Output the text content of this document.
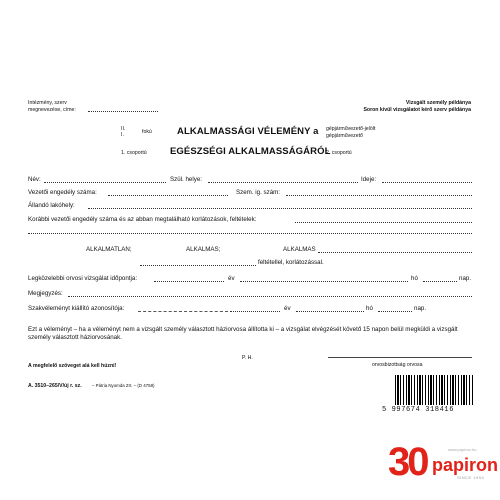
Intézmény, szerv
megnevezése, címe:
Vizsgált személy példánya
Soron kívül vizsgálatot kérő szerv példánya
II.
I.	fokú	ALKALMASSÁGI VÉLEMÉNY a gépjárművezető-jelölt
gépjárművezető
1. csoportú EGÉSZSÉGI ALKALMASSÁGÁRÓL
2. csoportú
Név:	Szül. helye:	Ideje:
Vezetői engedély száma:	Szem. ig. szám:
Állandó lakóhely:
Korábbi vezetői engedély száma és az abban megtalálható korlátozások, feltételek:
ALKALMATLAN;	ALKALMAS;	ALKALMAS
feltétellel, korlátozással.
Legközelebbi orvosi vizsgálat időpontja:	év	hó	nap.
Megjegyzés:
Szakvéleményt kiállító azonosítója:	év	hó	nap.
Ezt a véleményt – ha a véleményt nem a vizsgált személy választott háziorvosa állította ki – a vizsgálat elvégzését követő 15 napon belül megküldi a vizsgált személy választott háziorvosának.
A megfelelő szöveget alá kell húzni!
P. H.
orvosbizottság orvosa
A. 3510–265/V/új r. sz. – Pátria Nyomda Zrt. – (D 4758)
5 997674 318416
30 papiron
www.papiron.hu
SINCE 1994
